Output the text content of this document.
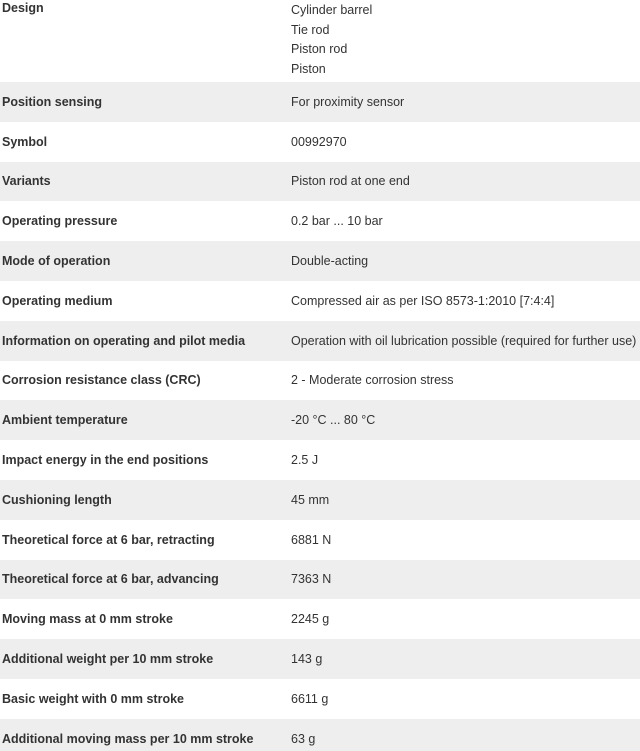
Design	Cylinder barrel
Tie rod
Piston rod
Piston
Position sensing	For proximity sensor
Symbol	00992970
Variants	Piston rod at one end
Operating pressure	0.2 bar ... 10 bar
Mode of operation	Double-acting
Operating medium	Compressed air as per ISO 8573-1:2010 [7:4:4]
Information on operating and pilot media	Operation with oil lubrication possible (required for further use)
Corrosion resistance class (CRC)	2 - Moderate corrosion stress
Ambient temperature	-20 °C ... 80 °C
Impact energy in the end positions	2.5 J
Cushioning length	45 mm
Theoretical force at 6 bar, retracting	6881 N
Theoretical force at 6 bar, advancing	7363 N
Moving mass at 0 mm stroke	2245 g
Additional weight per 10 mm stroke	143 g
Basic weight with 0 mm stroke	6611 g
Additional moving mass per 10 mm stroke	63 g
